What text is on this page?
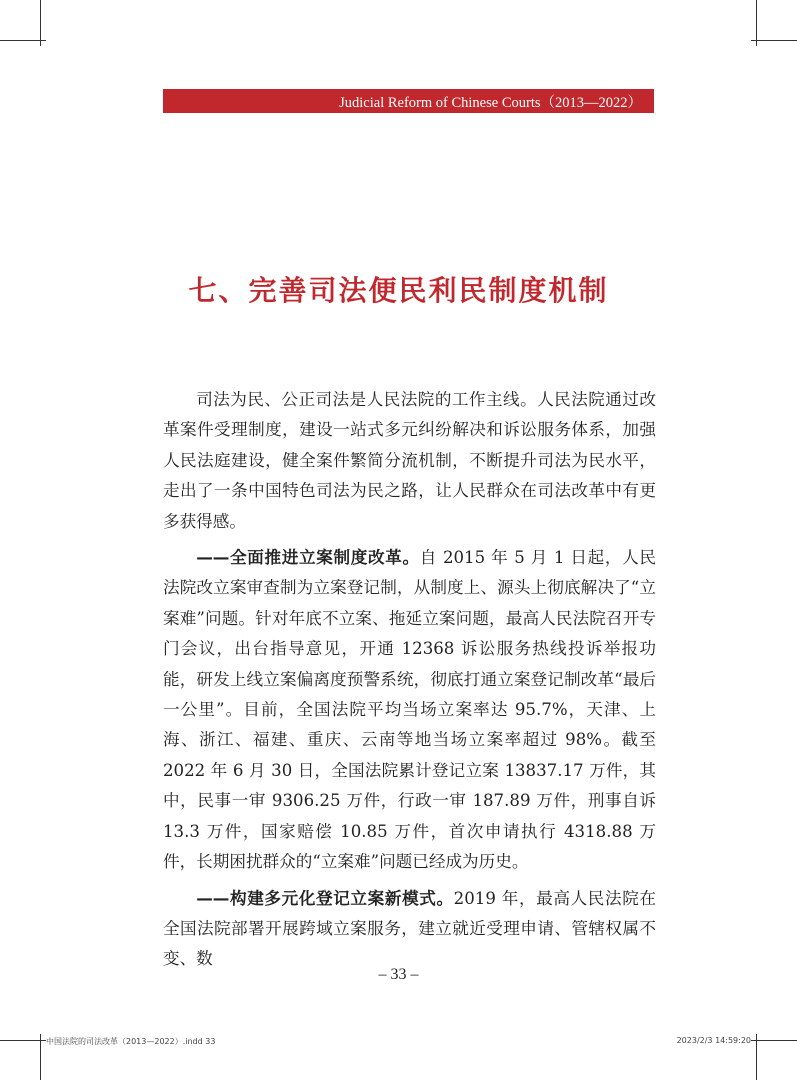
Judicial Reform of Chinese Courts（2013—2022）
七、完善司法便民利民制度机制

司法为民、公正司法是人民法院的工作主线。人民法院通过改革案件受理制度，建设一站式多元纠纷解决和诉讼服务体系，加强人民法庭建设，健全案件繁简分流机制，不断提升司法为民水平，走出了一条中国特色司法为民之路，让人民群众在司法改革中有更多获得感。

——全面推进立案制度改革。自 2015 年 5 月 1 日起，人民法院改立案审查制为立案登记制，从制度上、源头上彻底解决了“立案难”问题。针对年底不立案、拖延立案问题，最高人民法院召开专门会议，出台指导意见，开通 12368 诉讼服务热线投诉举报功能，研发上线立案偏离度预警系统，彻底打通立案登记制改革“最后一公里”。目前，全国法院平均当场立案率达 95.7%，天津、上海、浙江、福建、重庆、云南等地当场立案率超过 98%。截至 2022 年 6 月 30 日，全国法院累计登记立案 13837.17 万件，其中，民事一审 9306.25 万件，行政一审 187.89 万件，刑事自诉 13.3 万件，国家赔偿 10.85 万件，首次申请执行 4318.88 万件，长期困扰群众的“立案难”问题已经成为历史。

——构建多元化登记立案新模式。2019 年，最高人民法院在全国法院部署开展跨域立案服务，建立就近受理申请、管辖权属不变、数

– 33 –
中国法院的司法改革（2013—2022）.indd 33	2023/2/3 14:59:20
